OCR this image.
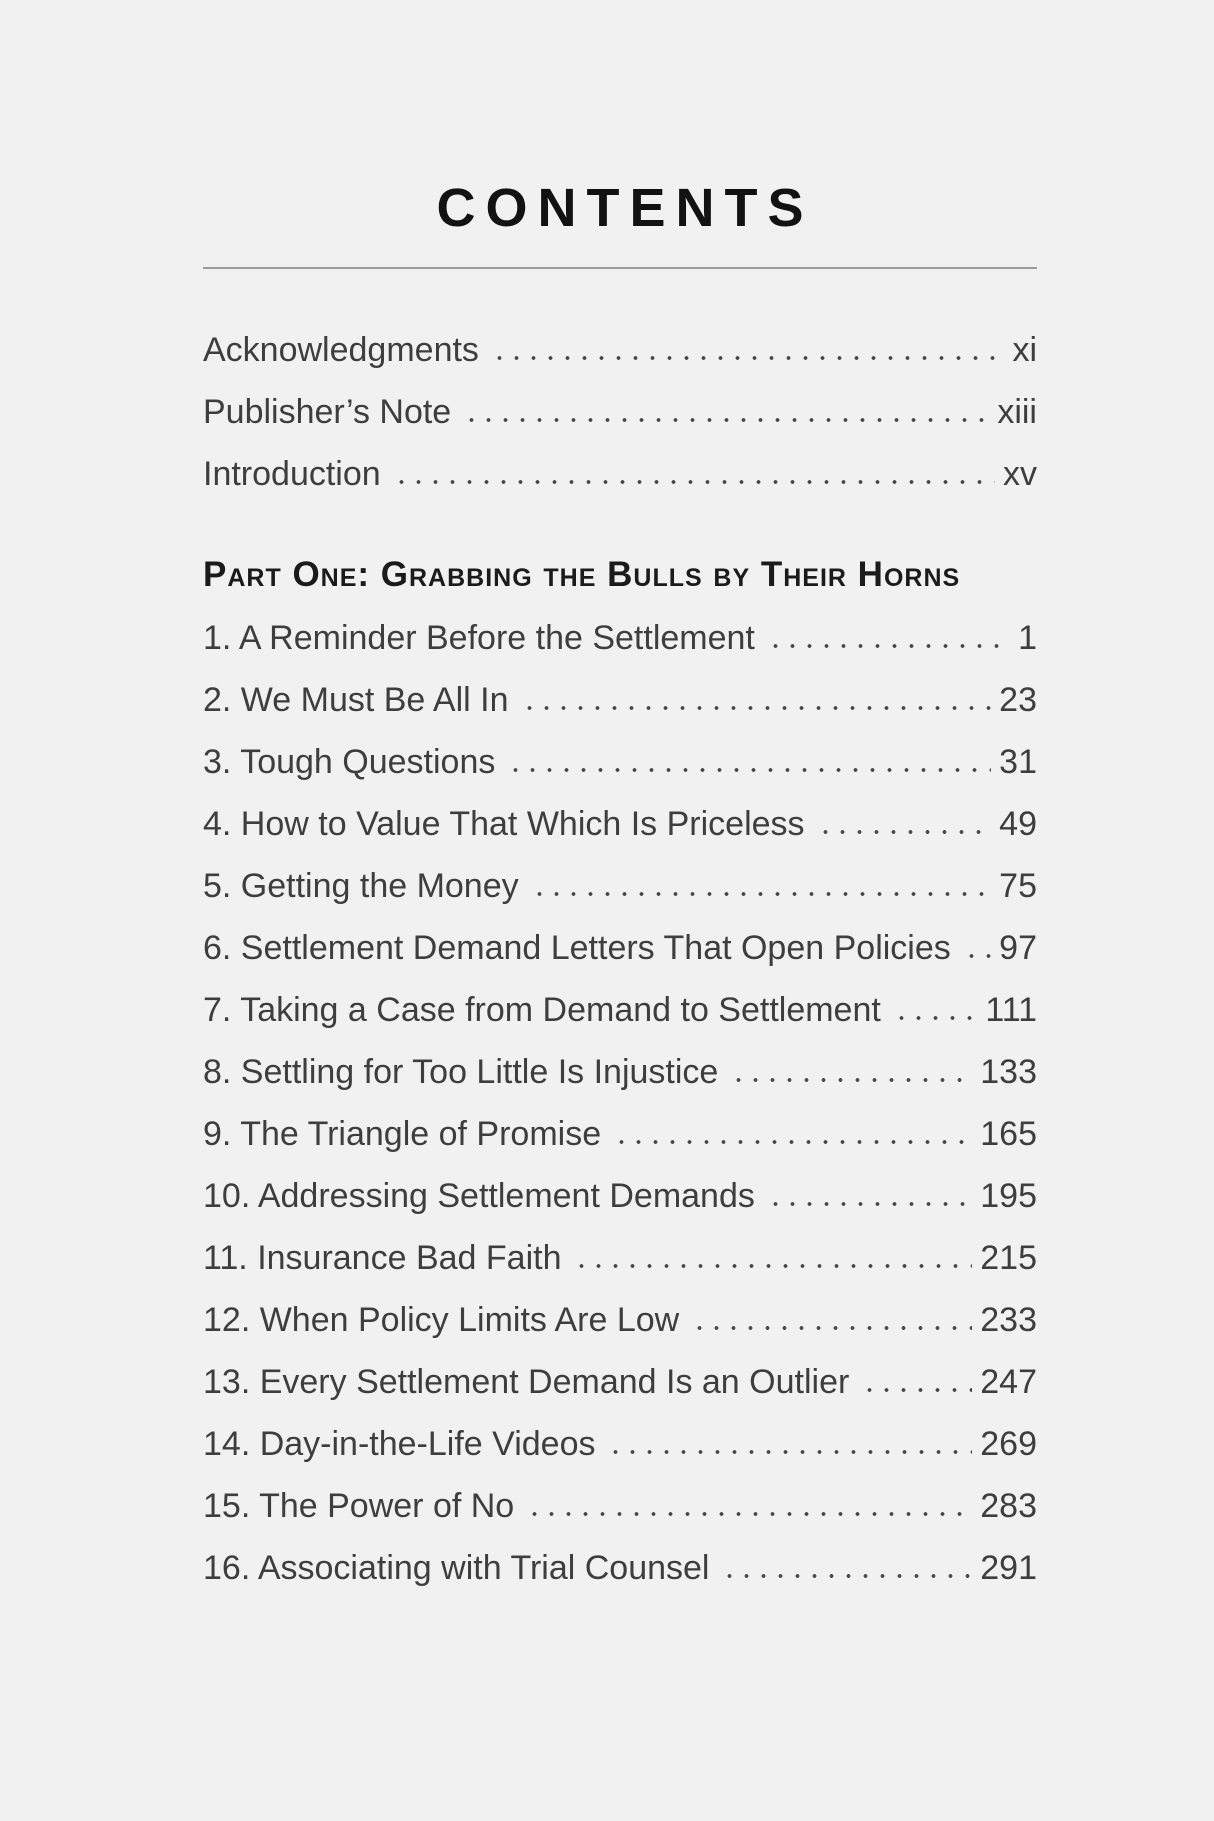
CONTENTS
Acknowledgments	xi
Publisher’s Note	xiii
Introduction	xv
Part One: Grabbing the Bulls by Their Horns
1. A Reminder Before the Settlement	1
2. We Must Be All In	23
3. Tough Questions	31
4. How to Value That Which Is Priceless	49
5. Getting the Money	75
6. Settlement Demand Letters That Open Policies 97
7. Taking a Case from Demand to Settlement	111
8. Settling for Too Little Is Injustice	133
9. The Triangle of Promise	165
10. Addressing Settlement Demands	195
11. Insurance Bad Faith	215
12. When Policy Limits Are Low	233
13. Every Settlement Demand Is an Outlier	247
14. Day-in-the-Life Videos	269
15. The Power of No	283
16. Associating with Trial Counsel	291
